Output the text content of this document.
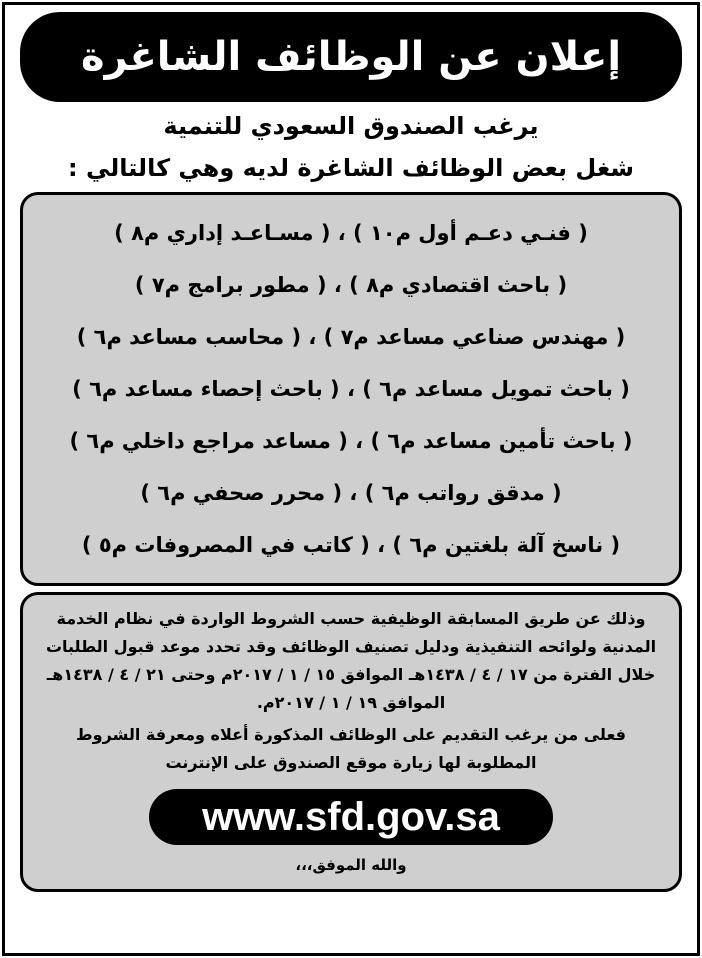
إعلان عن الوظائف الشاغرة
يرغب الصندوق السعودي للتنمية
شغل بعض الوظائف الشاغرة لديه وهي كالتالي :
( فنـي دعـم أول م١٠ ) ، ( مسـاعـد إداري م٨ )
( باحث اقتصادي م٨ ) ، ( مطور برامج م٧ )
( مهندس صناعي مساعد م٧ ) ، ( محاسب مساعد م٦ )
( باحث تمويل مساعد م٦ ) ، ( باحث إحصاء مساعد م٦ )
( باحث تأمين مساعد م٦ ) ، ( مساعد مراجع داخلي م٦ )
( مدقق رواتب م٦ ) ، ( محرر صحفي م٦ )
( ناسخ آلة بلغتين م٦ ) ، ( كاتب في المصروفات م٥ )
وذلك عن طريق المسابقة الوظيفية حسب الشروط الواردة في نظام الخدمة المدنية ولوائحه التنفيذية ودليل تصنيف الوظائف وقد تحدد موعد قبول الطلبات خلال الفترة من ١٧ / ٤ / ١٤٣٨هـ الموافق ١٥ / ١ / ٢٠١٧م وحتى ٢١ / ٤ / ١٤٣٨هـ الموافق ١٩ / ١ / ٢٠١٧م.
فعلى من يرغب التقديم على الوظائف المذكورة أعلاه ومعرفة الشروط المطلوبة لها زيارة موقع الصندوق على الإنترنت
www.sfd.gov.sa
والله الموفق،،،
